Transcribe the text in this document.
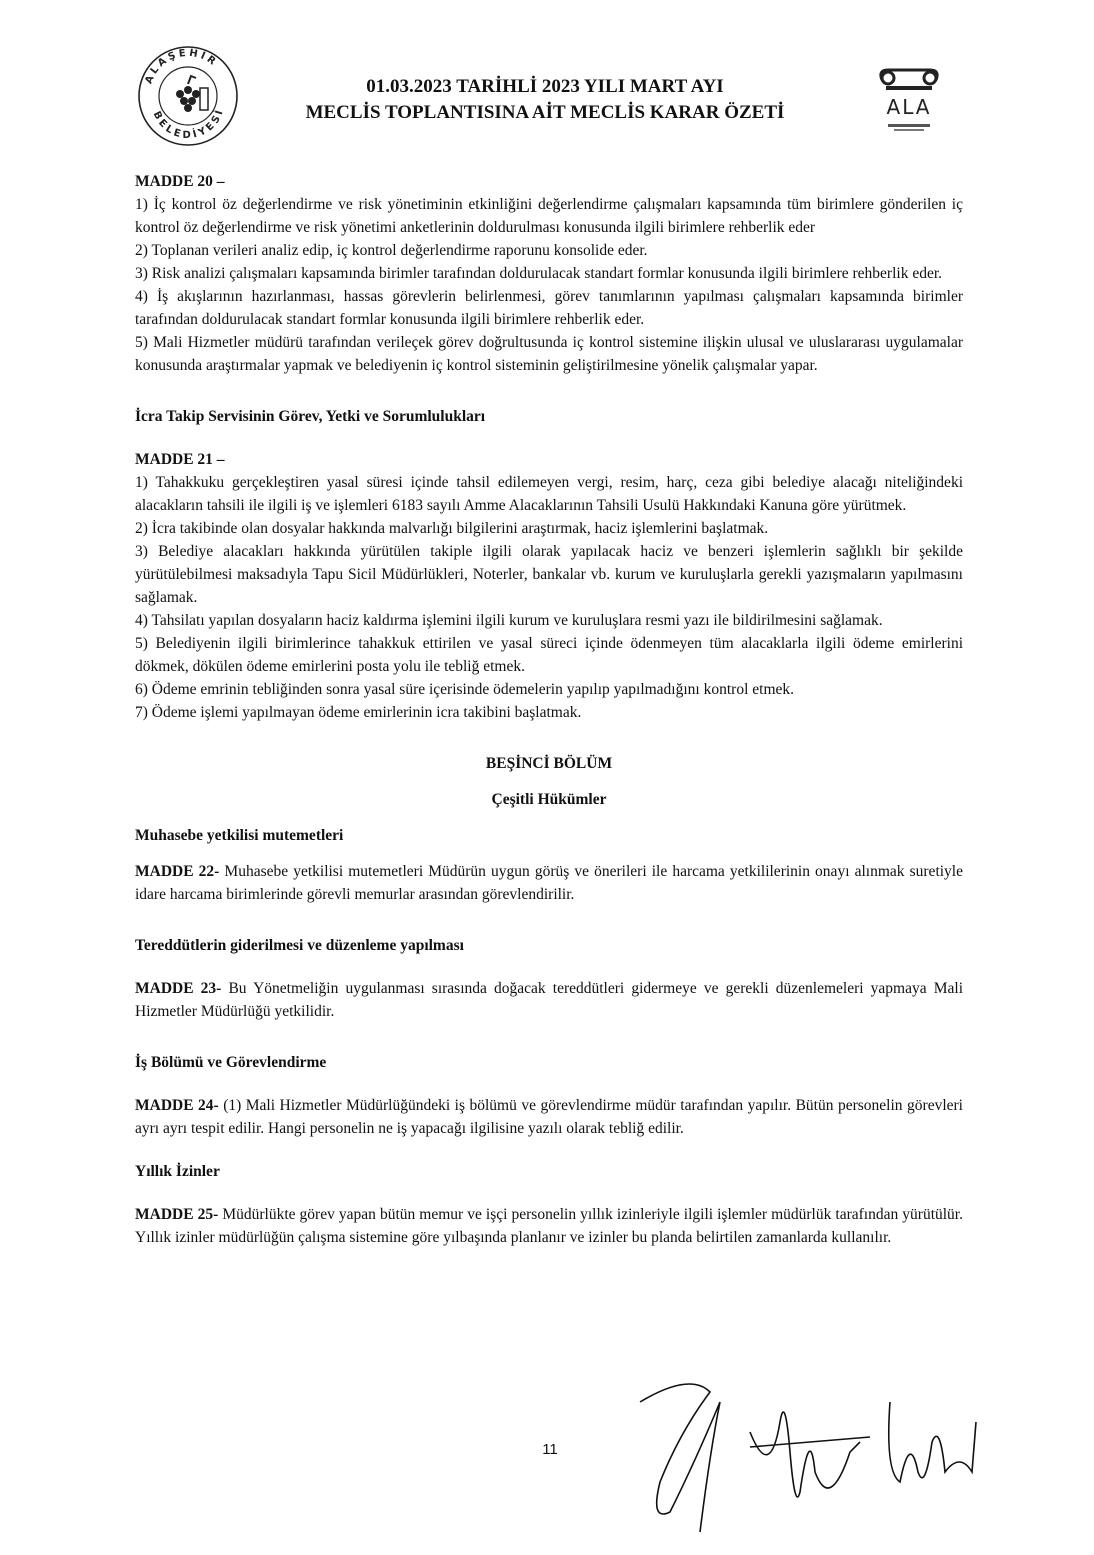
ALAŞEHİR
BELEDİYESİ
01.03.2023 TARİHLİ 2023 YILI MART AYI
MECLİS TOPLANTISINA AİT MECLİS KARAR ÖZETİ	ALA

MADDE 20 –

1) İç kontrol öz değerlendirme ve risk yönetiminin etkinliğini değerlendirme çalışmaları kapsamında tüm birimlere gönderilen iç kontrol öz değerlendirme ve risk yönetimi anketlerinin doldurulması konusunda ilgili birimlere rehberlik eder

2) Toplanan verileri analiz edip, iç kontrol değerlendirme raporunu konsolide eder.

3) Risk analizi çalışmaları kapsamında birimler tarafından doldurulacak standart formlar konusunda ilgili birimlere rehberlik eder.

4) İş akışlarının hazırlanması, hassas görevlerin belirlenmesi, görev tanımlarının yapılması çalışmaları kapsamında birimler tarafından doldurulacak standart formlar konusunda ilgili birimlere rehberlik eder.

5) Mali Hizmetler müdürü tarafından verileçek görev doğrultusunda iç kontrol sistemine ilişkin ulusal ve uluslararası uygulamalar konusunda araştırmalar yapmak ve belediyenin iç kontrol sisteminin geliştirilmesine yönelik çalışmalar yapar.

İcra Takip Servisinin Görev, Yetki ve Sorumlulukları

MADDE 21 –

1) Tahakkuku gerçekleştiren yasal süresi içinde tahsil edilemeyen vergi, resim, harç, ceza gibi belediye alacağı niteliğindeki alacakların tahsili ile ilgili iş ve işlemleri 6183 sayılı Amme Alacaklarının Tahsili Usulü Hakkındaki Kanuna göre yürütmek.

2) İcra takibinde olan dosyalar hakkında malvarlığı bilgilerini araştırmak, haciz işlemlerini başlatmak.

3) Belediye alacakları hakkında yürütülen takiple ilgili olarak yapılacak haciz ve benzeri işlemlerin sağlıklı bir şekilde yürütülebilmesi maksadıyla Tapu Sicil Müdürlükleri, Noterler, bankalar vb. kurum ve kuruluşlarla gerekli yazışmaların yapılmasını sağlamak.

4) Tahsilatı yapılan dosyaların haciz kaldırma işlemini ilgili kurum ve kuruluşlara resmi yazı ile bildirilmesini sağlamak.

5) Belediyenin ilgili birimlerince tahakkuk ettirilen ve yasal süreci içinde ödenmeyen tüm alacaklarla ilgili ödeme emirlerini dökmek, dökülen ödeme emirlerini posta yolu ile tebliğ etmek.

6) Ödeme emrinin tebliğinden sonra yasal süre içerisinde ödemelerin yapılıp yapılmadığını kontrol etmek.

7) Ödeme işlemi yapılmayan ödeme emirlerinin icra takibini başlatmak.

BEŞİNCİ BÖLÜM

Çeşitli Hükümler

Muhasebe yetkilisi mutemetleri

MADDE 22- Muhasebe yetkilisi mutemetleri Müdürün uygun görüş ve önerileri ile harcama yetkililerinin onayı alınmak suretiyle idare harcama birimlerinde görevli memurlar arasından görevlendirilir.

Tereddütlerin giderilmesi ve düzenleme yapılması

MADDE 23- Bu Yönetmeliğin uygulanması sırasında doğacak tereddütleri gidermeye ve gerekli düzenlemeleri yapmaya Mali Hizmetler Müdürlüğü yetkilidir.

İş Bölümü ve Görevlendirme

MADDE 24- (1) Mali Hizmetler Müdürlüğündeki iş bölümü ve görevlendirme müdür tarafından yapılır. Bütün personelin görevleri ayrı ayrı tespit edilir. Hangi personelin ne iş yapacağı ilgilisine yazılı olarak tebliğ edilir.

Yıllık İzinler

MADDE 25- Müdürlükte görev yapan bütün memur ve işçi personelin yıllık izinleriyle ilgili işlemler müdürlük tarafından yürütülür. Yıllık izinler müdürlüğün çalışma sistemine göre yılbaşında planlanır ve izinler bu planda belirtilen zamanlarda kullanılır.

11
